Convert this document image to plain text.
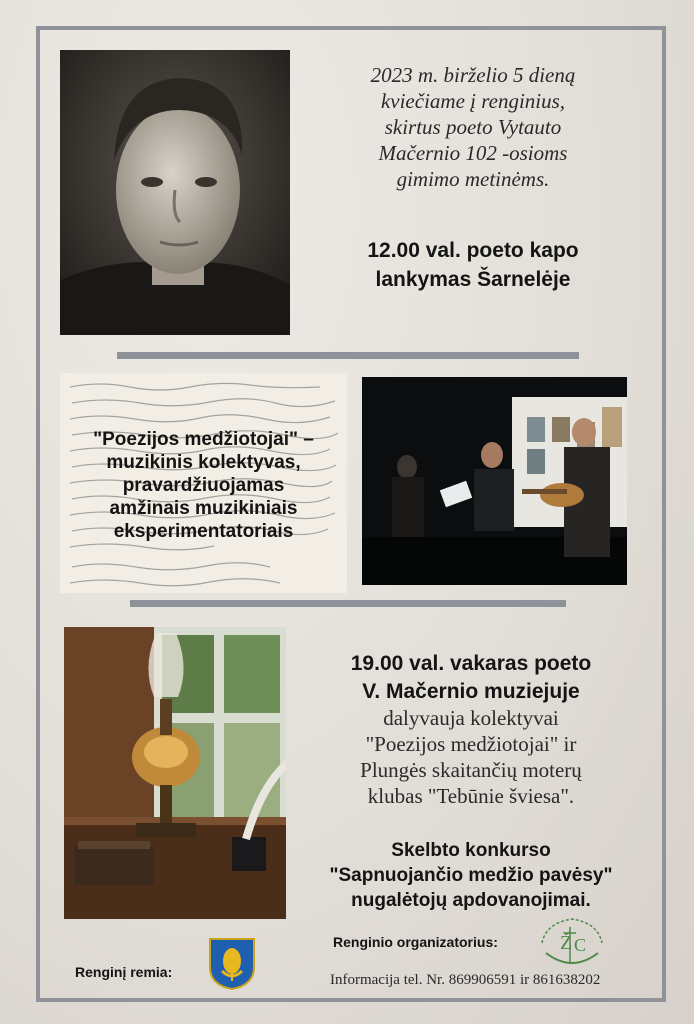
2023 m. birželio 5 dieną
kviečiame į renginius,
skirtus poeto Vytauto
Mačernio 102 -osioms
gimimo metinėms.

12.00 val. poeto kapo
lankymas Šarnelėje

"Poezijos medžiotojai" –
muzikinis kolektyvas,
pravardžiuojamas
amžinais muzikiniais
eksperimentatoriais

19.00 val. vakaras poeto
V. Mačernio muziejuje

dalyvauja kolektyvai
"Poezijos medžiotojai" ir
Plungės skaitančių moterų
klubas "Tebūnie šviesa".

Skelbto konkurso
"Sapnuojančio medžio pavėsy"
nugalėtojų apdovanojimai.

Renginį remia:
Renginio organizatorius:	Ž C
Informacija tel. Nr. 869906591 ir 861638202
